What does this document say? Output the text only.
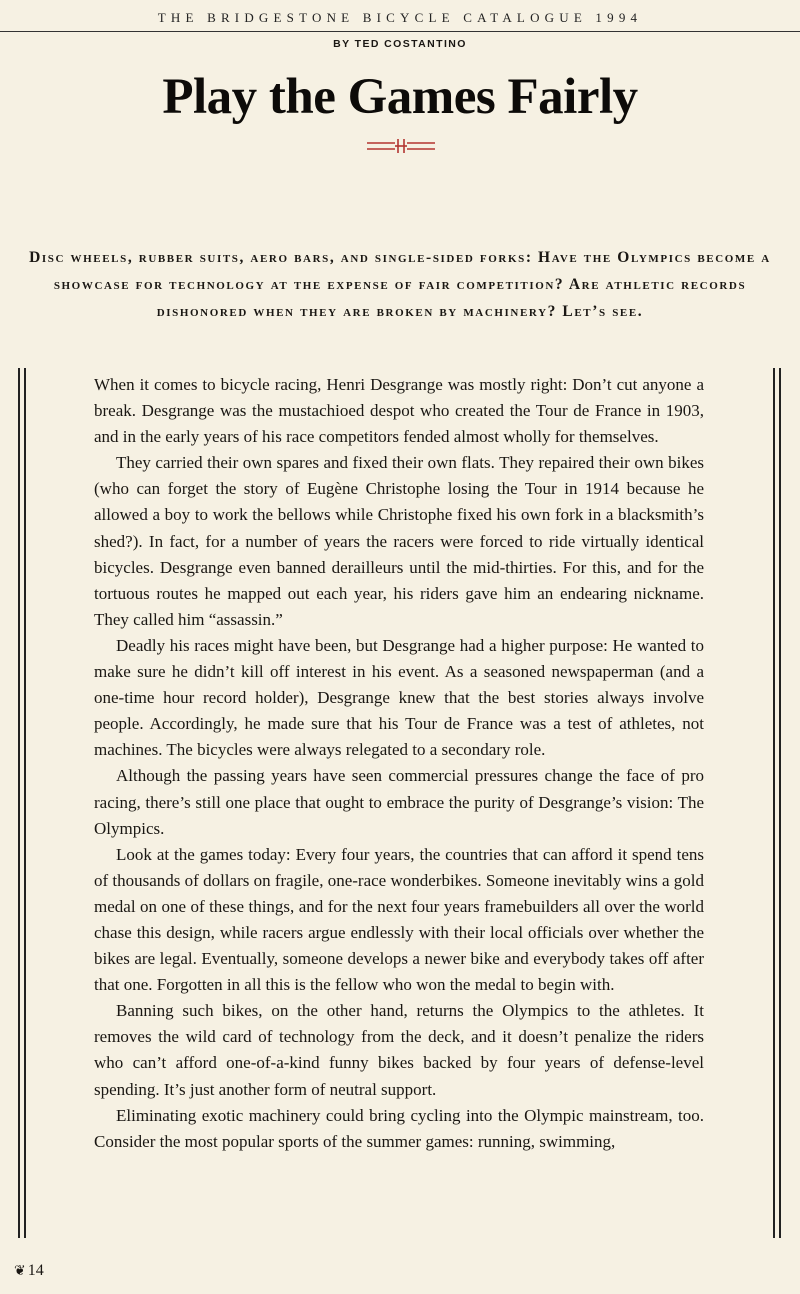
THE BRIDGESTONE BICYCLE CATALOGUE 1994
BY TED COSTANTINO
Play the Games Fairly
Disc wheels, rubber suits, aero bars, and single-sided forks: Have the Olympics become a showcase for technology at the expense of fair competition? Are athletic records dishonored when they are broken by machinery? Let’s see.

When it comes to bicycle racing, Henri Desgrange was mostly right: Don’t cut anyone a break. Desgrange was the mustachioed despot who created the Tour de France in 1903, and in the early years of his race competitors fended almost wholly for themselves.

They carried their own spares and fixed their own flats. They repaired their own bikes (who can forget the story of Eugène Christophe losing the Tour in 1914 because he allowed a boy to work the bellows while Christophe fixed his own fork in a blacksmith’s shed?). In fact, for a number of years the racers were forced to ride virtually identical bicycles. Desgrange even banned derailleurs until the mid-thirties. For this, and for the tortuous routes he mapped out each year, his riders gave him an endearing nickname. They called him “assassin.”

Deadly his races might have been, but Desgrange had a higher purpose: He wanted to make sure he didn’t kill off interest in his event. As a seasoned newspaperman (and a one-time hour record holder), Desgrange knew that the best stories always involve people. Accordingly, he made sure that his Tour de France was a test of athletes, not machines. The bicycles were always relegated to a secondary role.

Although the passing years have seen commercial pressures change the face of pro racing, there’s still one place that ought to embrace the purity of Desgrange’s vision: The Olympics.

Look at the games today: Every four years, the countries that can afford it spend tens of thousands of dollars on fragile, one-race wonderbikes. Someone inevitably wins a gold medal on one of these things, and for the next four years framebuilders all over the world chase this design, while racers argue endlessly with their local officials over whether the bikes are legal. Eventually, someone develops a newer bike and everybody takes off after that one. Forgotten in all this is the fellow who won the medal to begin with.

Banning such bikes, on the other hand, returns the Olympics to the athletes. It removes the wild card of technology from the deck, and it doesn’t penalize the riders who can’t afford one-of-a-kind funny bikes backed by four years of defense-level spending. It’s just another form of neutral support.

Eliminating exotic machinery could bring cycling into the Olympic mainstream, too. Consider the most popular sports of the summer games: running, swimming,

❦ 14
